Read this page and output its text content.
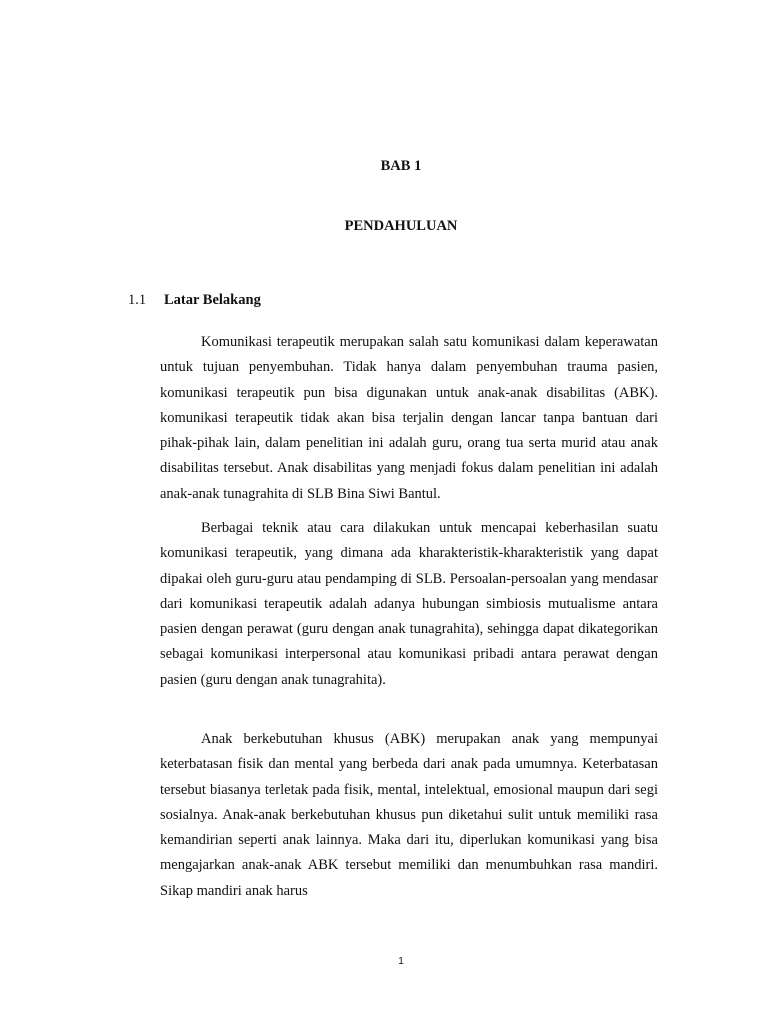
BAB 1
PENDAHULUAN
1.1 Latar Belakang

Komunikasi terapeutik merupakan salah satu komunikasi dalam keperawatan untuk tujuan penyembuhan. Tidak hanya dalam penyembuhan trauma pasien, komunikasi terapeutik pun bisa digunakan untuk anak-anak disabilitas (ABK). komunikasi terapeutik tidak akan bisa terjalin dengan lancar tanpa bantuan dari pihak-pihak lain, dalam penelitian ini adalah guru, orang tua serta murid atau anak disabilitas tersebut. Anak disabilitas yang menjadi fokus dalam penelitian ini adalah anak-anak tunagrahita di SLB Bina Siwi Bantul.

Berbagai teknik atau cara dilakukan untuk mencapai keberhasilan suatu komunikasi terapeutik, yang dimana ada kharakteristik-kharakteristik yang dapat dipakai oleh guru-guru atau pendamping di SLB. Persoalan-persoalan yang mendasar dari komunikasi terapeutik adalah adanya hubungan simbiosis mutualisme antara pasien dengan perawat (guru dengan anak tunagrahita), sehingga dapat dikategorikan sebagai komunikasi interpersonal atau komunikasi pribadi antara perawat dengan pasien (guru dengan anak tunagrahita).

Anak berkebutuhan khusus (ABK) merupakan anak yang mempunyai keterbatasan fisik dan mental yang berbeda dari anak pada umumnya. Keterbatasan tersebut biasanya terletak pada fisik, mental, intelektual, emosional maupun dari segi sosialnya. Anak-anak berkebutuhan khusus pun diketahui sulit untuk memiliki rasa kemandirian seperti anak lainnya. Maka dari itu, diperlukan komunikasi yang bisa mengajarkan anak-anak ABK tersebut memiliki dan menumbuhkan rasa mandiri. Sikap mandiri anak harus

1
